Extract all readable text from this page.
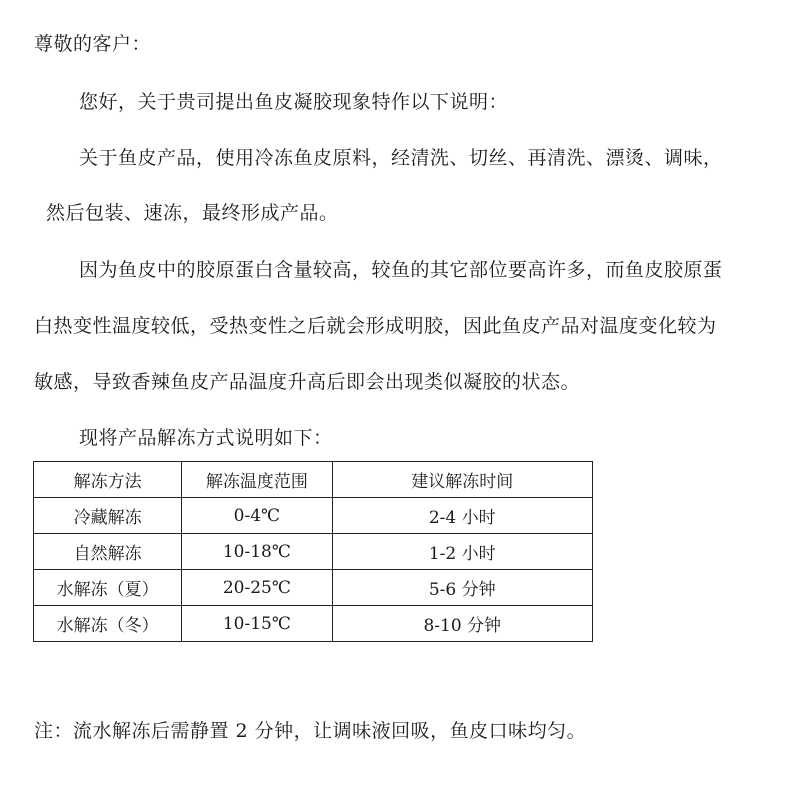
尊敬的客户：
您好，关于贵司提出鱼皮凝胶现象特作以下说明：
关于鱼皮产品，使用冷冻鱼皮原料，经清洗、切丝、再清洗、漂烫、调味，
然后包装、速冻，最终形成产品。
因为鱼皮中的胶原蛋白含量较高，较鱼的其它部位要高许多，而鱼皮胶原蛋
白热变性温度较低，受热变性之后就会形成明胶，因此鱼皮产品对温度变化较为
敏感，导致香辣鱼皮产品温度升高后即会出现类似凝胶的状态。
现将产品解冻方式说明如下：
解冻方法	解冻温度范围	建议解冻时间
冷藏解冻	0-4℃	2-4 小时
自然解冻	10-18℃	1-2 小时
水解冻（夏）	20-25℃	5-6 分钟
水解冻（冬）	10-15℃	8-10 分钟
注：流水解冻后需静置 2 分钟，让调味液回吸，鱼皮口味均匀。
